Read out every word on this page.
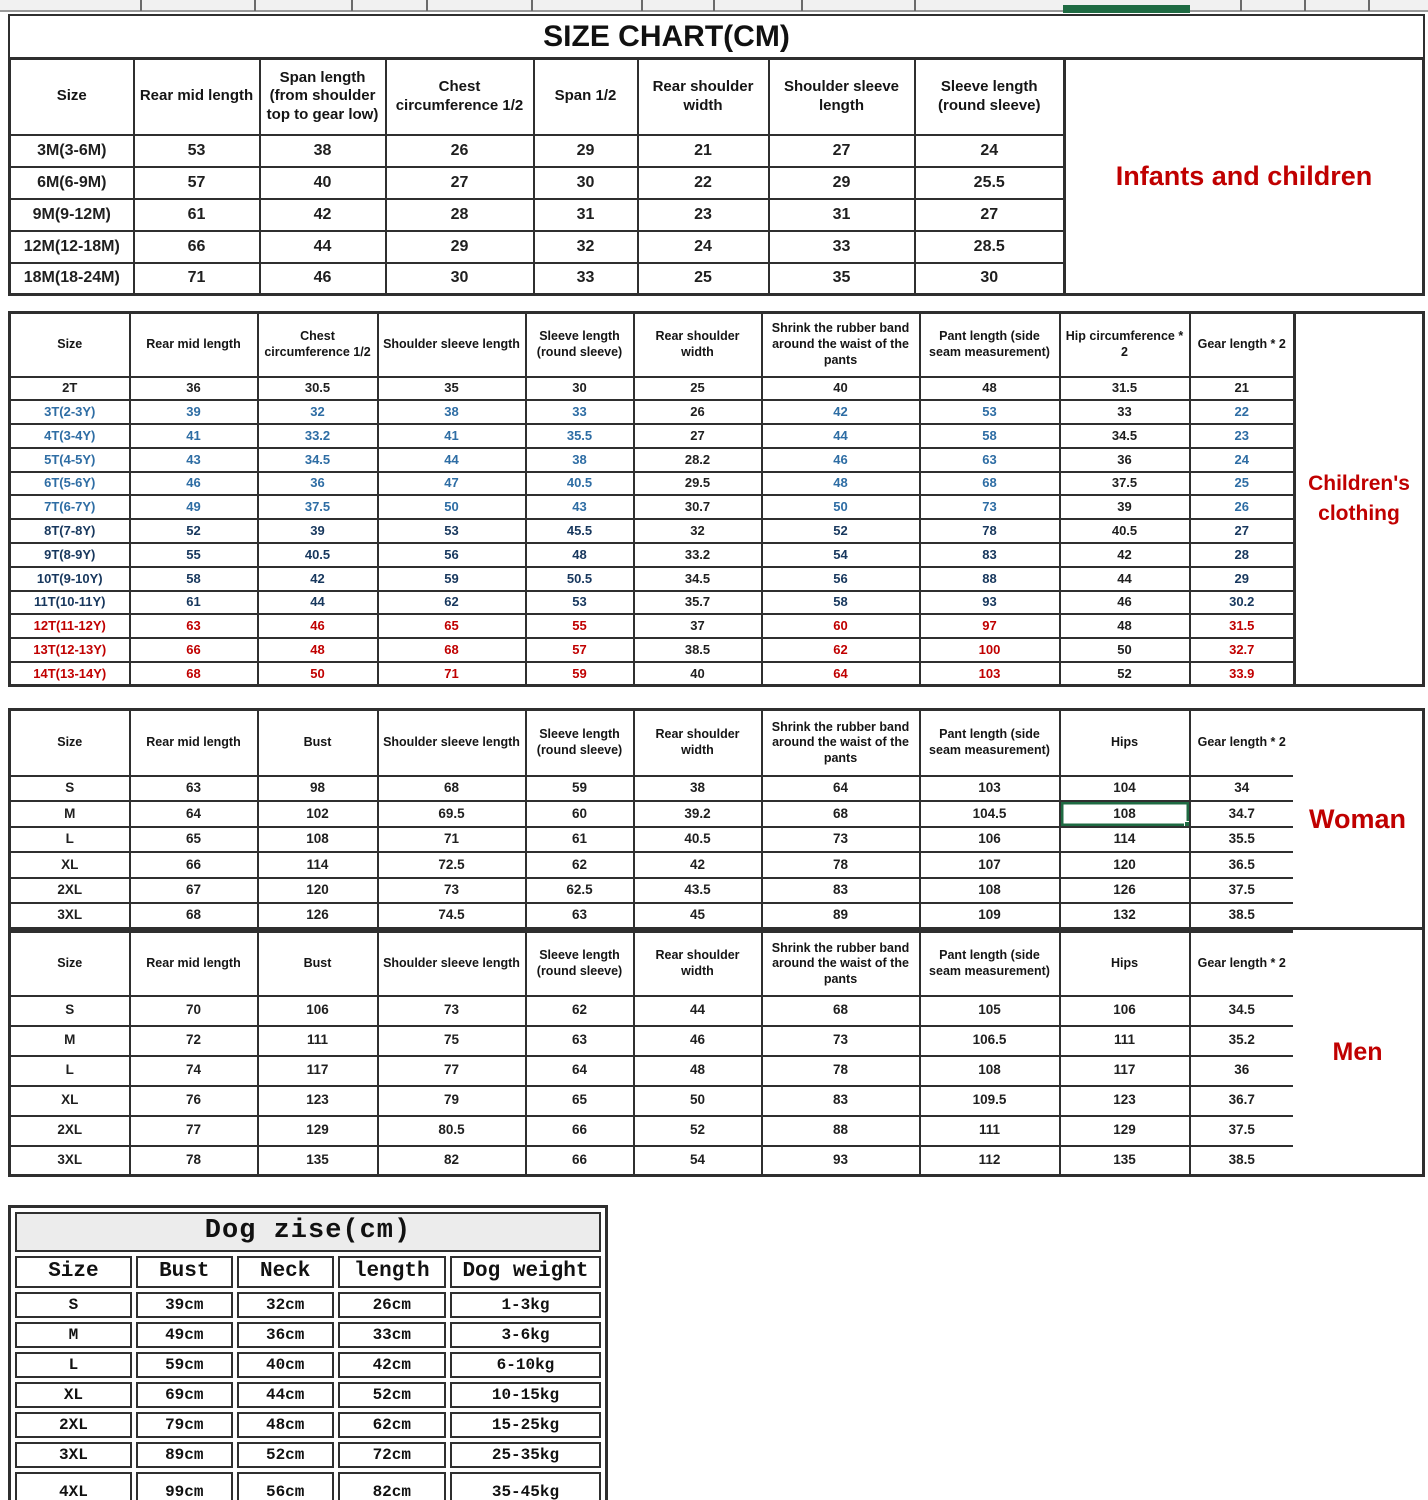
SIZE CHART(CM)
Size	Rear mid length	Span length (from shoulder top to gear low)	Chest circumference 1/2	Span 1/2	Rear shoulder width	Shoulder sleeve length	Sleeve length (round sleeve)
3M(3-6M)	53	38	26	29	21	27	24
6M(6-9M)	57	40	27	30	22	29	25.5
9M(9-12M)	61	42	28	31	23	31	27
12M(12-18M)	66	44	29	32	24	33	28.5
18M(18-24M)	71	46	30	33	25	35	30
Infants and children
Size	Rear mid length	Chest circumference 1/2	Shoulder sleeve length	Sleeve length (round sleeve)	Rear shoulder width	Shrink the rubber band around the waist of the pants	Pant length (side seam measurement)	Hip circumference * 2	Gear length * 2
2T	36	30.5	35	30	25	40	48	31.5	21
3T(2-3Y)	39	32	38	33	26	42	53	33	22
4T(3-4Y)	41	33.2	41	35.5	27	44	58	34.5	23
5T(4-5Y)	43	34.5	44	38	28.2	46	63	36	24
6T(5-6Y)	46	36	47	40.5	29.5	48	68	37.5	25
7T(6-7Y)	49	37.5	50	43	30.7	50	73	39	26
8T(7-8Y)	52	39	53	45.5	32	52	78	40.5	27
9T(8-9Y)	55	40.5	56	48	33.2	54	83	42	28
10T(9-10Y)	58	42	59	50.5	34.5	56	88	44	29
11T(10-11Y)	61	44	62	53	35.7	58	93	46	30.2
12T(11-12Y)	63	46	65	55	37	60	97	48	31.5
13T(12-13Y)	66	48	68	57	38.5	62	100	50	32.7
14T(13-14Y)	68	50	71	59	40	64	103	52	33.9
Children's clothing
Size	Rear mid length	Bust	Shoulder sleeve length	Sleeve length (round sleeve)	Rear shoulder width	Shrink the rubber band around the waist of the pants	Pant length (side seam measurement)	Hips	Gear length * 2
S	63	98	68	59	38	64	103	104	34
M	64	102	69.5	60	39.2	68	104.5	108	34.7
L	65	108	71	61	40.5	73	106	114	35.5
XL	66	114	72.5	62	42	78	107	120	36.5
2XL	67	120	73	62.5	43.5	83	108	126	37.5
3XL	68	126	74.5	63	45	89	109	132	38.5
Size	Rear mid length	Bust	Shoulder sleeve length	Sleeve length (round sleeve)	Rear shoulder width	Shrink the rubber band around the waist of the pants	Pant length (side seam measurement)	Hips	Gear length * 2
S	70	106	73	62	44	68	105	106	34.5
M	72	111	75	63	46	73	106.5	111	35.2
L	74	117	77	64	48	78	108	117	36
XL	76	123	79	65	50	83	109.5	123	36.7
2XL	77	129	80.5	66	52	88	111	129	37.5
3XL	78	135	82	66	54	93	112	135	38.5
Woman
Men
Dog zise(cm)				
Size	Bust	Neck	length	Dog weight
S	39cm	32cm	26cm	1-3kg
M	49cm	36cm	33cm	3-6kg
L	59cm	40cm	42cm	6-10kg
XL	69cm	44cm	52cm	10-15kg
2XL	79cm	48cm	62cm	15-25kg
3XL	89cm	52cm	72cm	25-35kg
4XL	99cm	56cm	82cm	35-45kg
